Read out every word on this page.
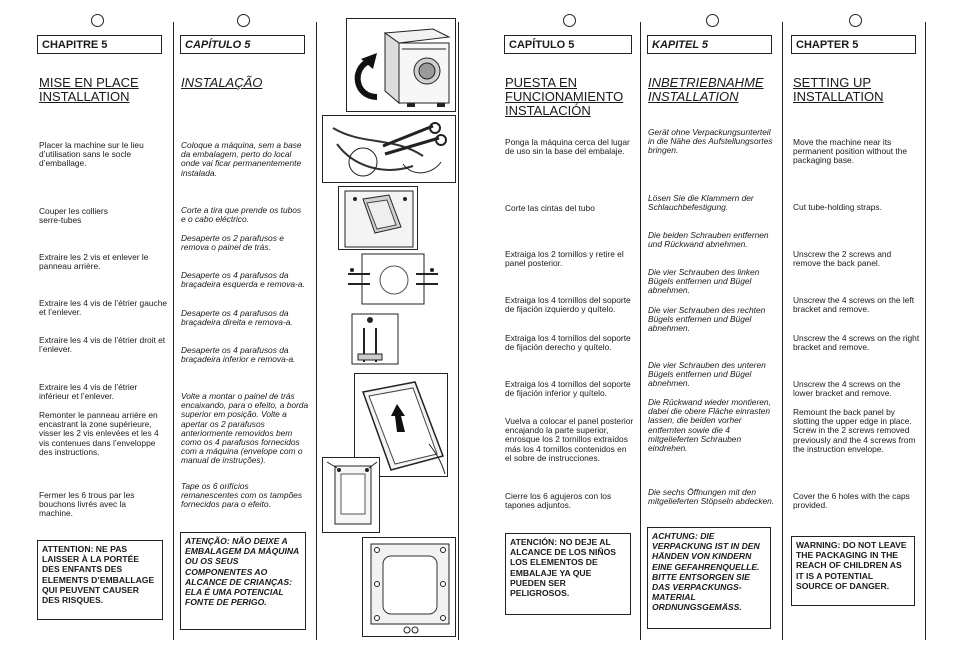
CHAPITRE 5
MISE EN PLACE
INSTALLATION

Placer la machine sur le lieu d’utilisation sans le socle d’emballage.

Couper les colliers serre-tubes

Extraire les 2 vis et enlever le panneau arrière.

Extraire les 4 vis de l’étrier gauche et l’enlever.

Extraire les 4 vis de l’étrier droit et l’enlever.

Extraire les 4 vis de l’étrier inférieur et l’enlever.

Remonter le panneau arrière en encastrant la zone supérieure, visser les 2 vis enlevées et les 4 vis contenues dans l’enveloppe des instructions.

Fermer les 6 trous par les bouchons livrés avec la machine.

ATTENTION: NE PAS LAISSER À LA PORTÉE DES ENFANTS DES ELEMENTS D’EMBALLAGE QUI PEUVENT CAUSER DES RISQUES.
CAPÍTULO 5
INSTALAÇÃO

Coloque a máquina, sem a base da embalagem, perto do local onde vai ficar permanentemente instalada.

Corte a tira que prende os tubos e o cabo eléctrico.

Desaperte os 2 parafusos e remova o painel de trás.

Desaperte os 4 parafusos da braçadeira esquerda e remova-a.

Desaperte os 4 parafusos da braçadeira direita e remova-a.

Desaperte os 4 parafusos da braçadeira inferior e remova-a.

Volte a montar o painel de trás encaixando, para o efeito, a borda superior em posição. Volte a apertar os 2 parafusos anteriormente removidos bem como os 4 parafusos fornecidos com a máquina (envelope com o manual de instruções).

Tape os 6 orifícios remanescentes com os tampões fornecidos para o efeito.

ATENÇÃO: NÃO DEIXE A EMBALAGEM DA MÁQUINA OU OS SEUS COMPONENTES AO ALCANCE DE CRIANÇAS: ELA É UMA POTENCIAL FONTE DE PERIGO.
CAPÍTULO 5
PUESTA EN
FUNCIONAMIENTO
INSTALACIÓN

Ponga la máquina cerca del lugar de uso sin la base del embalaje.

Corte las cintas del tubo

Extraiga los 2 tornillos y retire el panel posterior.

Extraiga los 4 tornillos del soporte de fijación izquierdo y quítelo.

Extraiga los 4 tornillos del soporte de fijación derecho y quítelo.

Extraiga los 4 tornillos del soporte de fijación inferior y quítelo.

Vuelva a colocar el panel posterior encajando la parte superior, enrosque los 2 tornillos extraídos más los 4 tornillos contenidos en el sobre de instrucciones.

Cierre los 6 agujeros con los tapones adjuntos.

ATENCIÓN: NO DEJE AL ALCANCE DE LOS NIÑOS LOS ELEMENTOS DE EMBALAJE YA QUE PUEDEN SER PELIGROSOS.
KAPITEL 5
INBETRIEBNAHME
INSTALLATION

Gerät ohne Verpackungsunterteil in die Nähe des Aufstellungsortes bringen.

Lösen Sie die Klammern der Schlauchbefestigung.

Die beiden Schrauben entfernen und Rückwand abnehmen.

Die vier Schrauben des linken Bügels entfernen und Bügel abnehmen.

Die vier Schrauben des rechten Bügels entfernen und Bügel abnehmen.

Die vier Schrauben des unteren Bügels entfernen und Bügel abnehmen.

Die Rückwand wieder montieren, dabei die obere Fläche einrasten lassen, die beiden vorher entfernten sowie die 4 mitgelieferten Schrauben eindrehen.

Die sechs Öffnungen mit den mitgelieferten Stöpseln abdecken.

ACHTUNG: DIE VERPACKUNG IST IN DEN HÄNDEN VON KINDERN EINE GEFAHRENQUELLE. BITTE ENTSORGEN SIE DAS VERPACKUNGS-MATERIAL ORDNUNGSGEMÄSS.
CHAPTER 5
SETTING UP
INSTALLATION

Move the machine near its permanent position without the packaging base.

Cut tube-holding straps.

Unscrew the 2 screws and remove the back panel.

Unscrew the 4 screws on the left bracket and remove.

Unscrew the 4 screws on the right bracket and remove.

Unscrew the 4 screws on the lower bracket and remove.

Remount the back panel by slotting the upper edge in place. Screw in the 2 screws removed previously and the 4 screws from the instruction envelope.

Cover the 6 holes with the caps provided.

WARNING: DO NOT LEAVE THE PACKAGING IN THE REACH OF CHILDREN AS IT IS A POTENTIAL SOURCE OF DANGER.
